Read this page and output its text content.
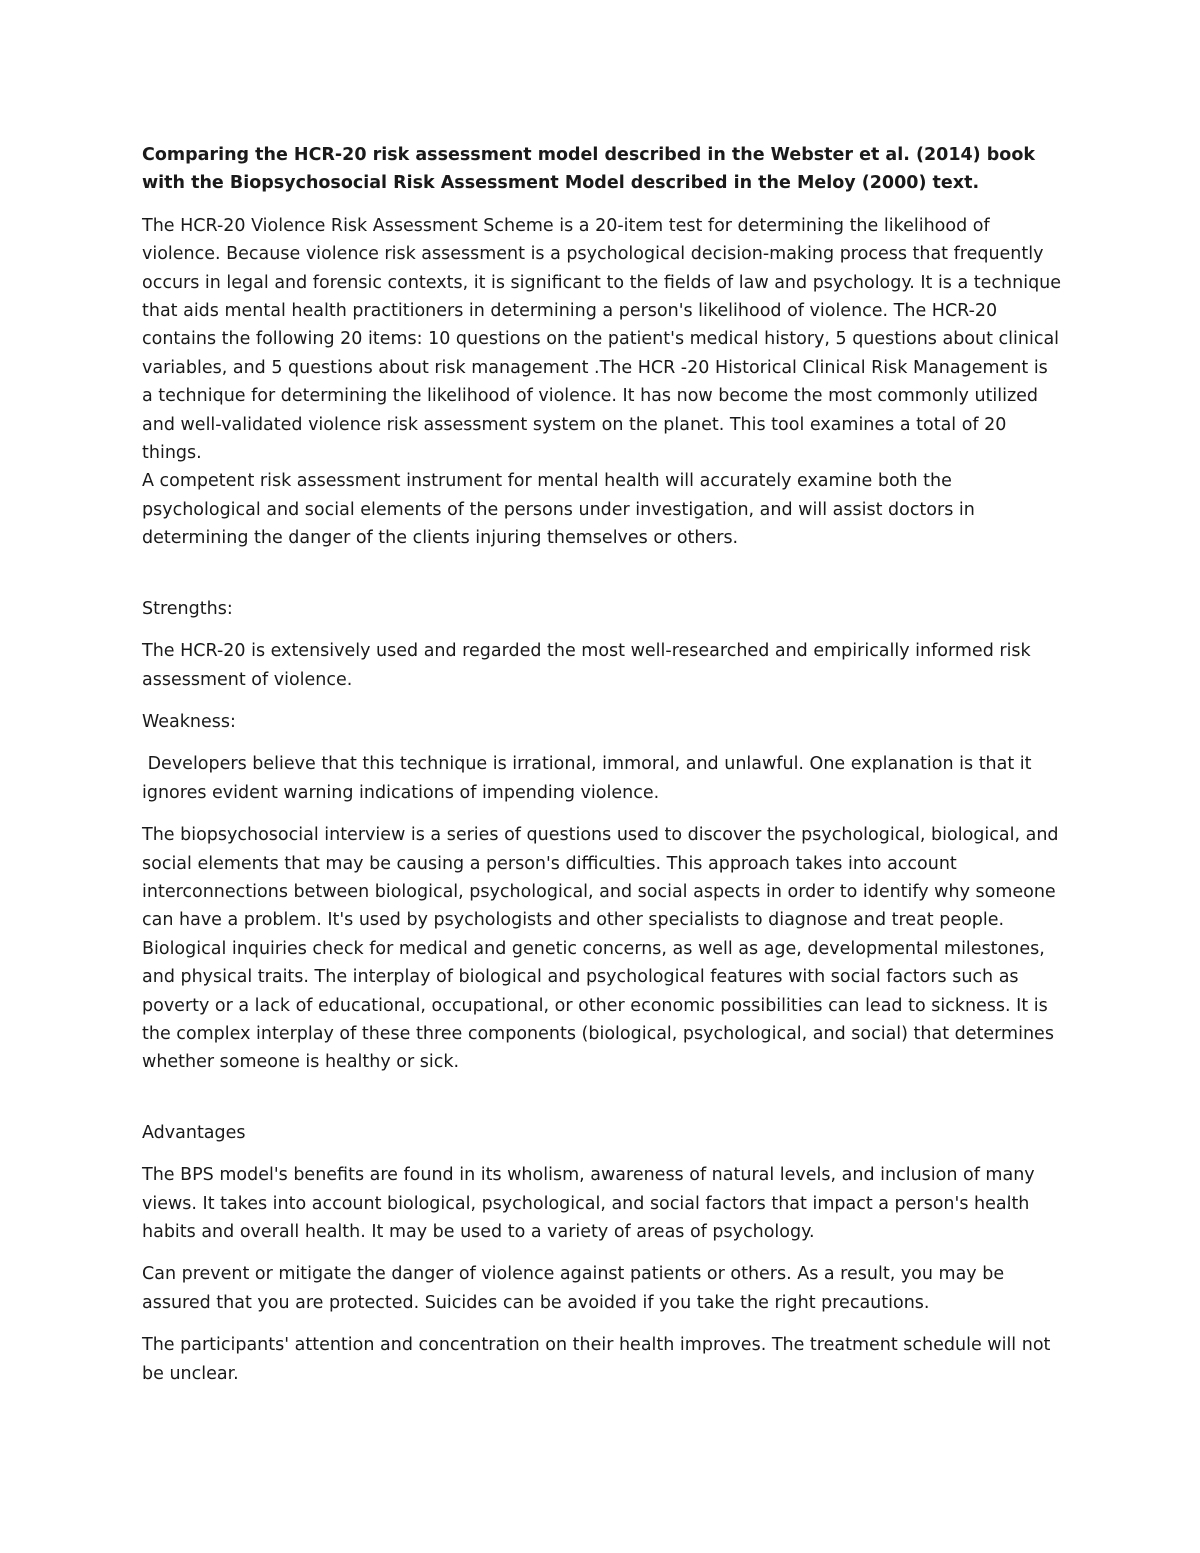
Comparing the HCR-20 risk assessment model described in the Webster et al. (2014) book with the Biopsychosocial Risk Assessment Model described in the Meloy (2000) text.

The HCR-20 Violence Risk Assessment Scheme is a 20-item test for determining the likelihood of violence. Because violence risk assessment is a psychological decision-making process that frequently occurs in legal and forensic contexts, it is significant to the fields of law and psychology. It is a technique that aids mental health practitioners in determining a person's likelihood of violence. The HCR-20 contains the following 20 items: 10 questions on the patient's medical history, 5 questions about clinical variables, and 5 questions about risk management .The HCR -20 Historical Clinical Risk Management is a technique for determining the likelihood of violence. It has now become the most commonly utilized and well-validated violence risk assessment system on the planet. This tool examines a total of 20 things.
A competent risk assessment instrument for mental health will accurately examine both the psychological and social elements of the persons under investigation, and will assist doctors in determining the danger of the clients injuring themselves or others.

Strengths:

The HCR-20 is extensively used and regarded the most well-researched and empirically informed risk assessment of violence.

Weakness:

Developers believe that this technique is irrational, immoral, and unlawful. One explanation is that it ignores evident warning indications of impending violence.

The biopsychosocial interview is a series of questions used to discover the psychological, biological, and social elements that may be causing a person's difficulties. This approach takes into account interconnections between biological, psychological, and social aspects in order to identify why someone can have a problem. It's used by psychologists and other specialists to diagnose and treat people. Biological inquiries check for medical and genetic concerns, as well as age, developmental milestones, and physical traits. The interplay of biological and psychological features with social factors such as poverty or a lack of educational, occupational, or other economic possibilities can lead to sickness. It is the complex interplay of these three components (biological, psychological, and social) that determines whether someone is healthy or sick.

Advantages

The BPS model's benefits are found in its wholism, awareness of natural levels, and inclusion of many views. It takes into account biological, psychological, and social factors that impact a person's health habits and overall health. It may be used to a variety of areas of psychology.

Can prevent or mitigate the danger of violence against patients or others. As a result, you may be assured that you are protected. Suicides can be avoided if you take the right precautions.

The participants' attention and concentration on their health improves. The treatment schedule will not be unclear.
